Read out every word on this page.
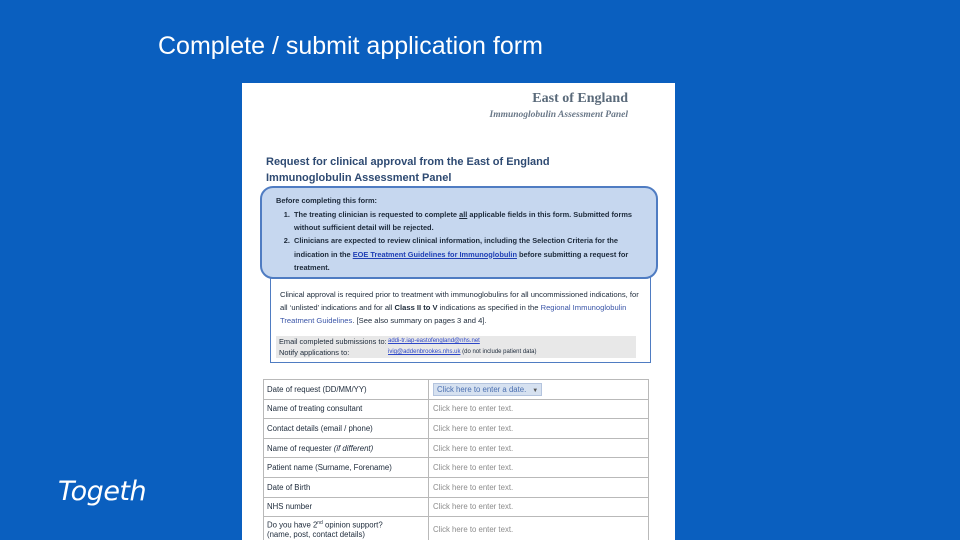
Complete / submit application form
Togeth
East of England
Immunoglobulin Assessment Panel
Request for clinical approval from the East of England Immunoglobulin Assessment Panel
Before completing this form:
1. The treating clinician is requested to complete all applicable fields in this form. Submitted forms without sufficient detail will be rejected.
2. Clinicians are expected to review clinical information, including the Selection Criteria for the indication in the EOE Treatment Guidelines for Immunoglobulin before submitting a request for treatment.
Clinical approval is required prior to treatment with immunoglobulins for all uncommissioned indications, for all ‘unlisted’ indications and for all Class II to V indications as specified in the Regional Immunoglobulin Treatment Guidelines. [See also summary on pages 3 and 4].
Email completed submissions to: addi-tr.iap-eastofengland@nhs.net
Notify applications to:	ivig@addenbrookes.nhs.uk (do not include patient data)
Date of request (DD/MM/YY)	Click here to enter a date. ▼
Name of treating consultant	Click here to enter text.
Contact details (email / phone)	Click here to enter text.
Name of requester (if different)	Click here to enter text.
Patient name (Surname, Forename)	Click here to enter text.
Date of Birth	Click here to enter text.
NHS number	Click here to enter text.
Do you have 2nd opinion support?
(name, post, contact details)	Click here to enter text.
